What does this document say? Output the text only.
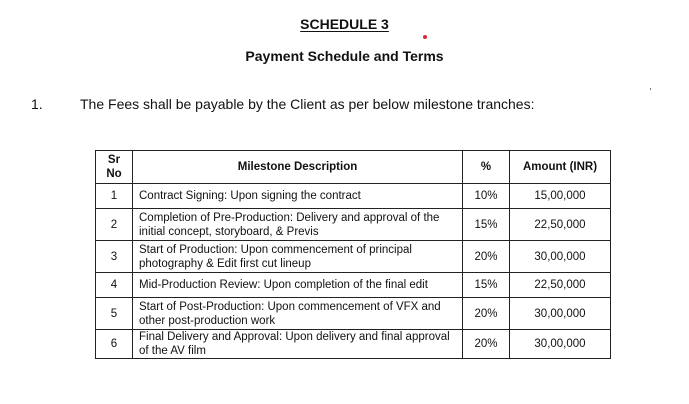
SCHEDULE 3
Payment Schedule and Terms
1.	The Fees shall be payable by the Client as per below milestone tranches:
Sr No	Milestone Description	%	Amount (INR)
1	Contract Signing: Upon signing the contract	10%	15,00,000
2	Completion of Pre-Production: Delivery and approval of the initial concept, storyboard, & Previs	15%	22,50,000
3	Start of Production: Upon commencement of principal photography & Edit first cut lineup	20%	30,00,000
4	Mid-Production Review: Upon completion of the final edit	15%	22,50,000
5	Start of Post-Production: Upon commencement of VFX and other post-production work	20%	30,00,000
6	Final Delivery and Approval: Upon delivery and final approval of the AV film	20%	30,00,000
